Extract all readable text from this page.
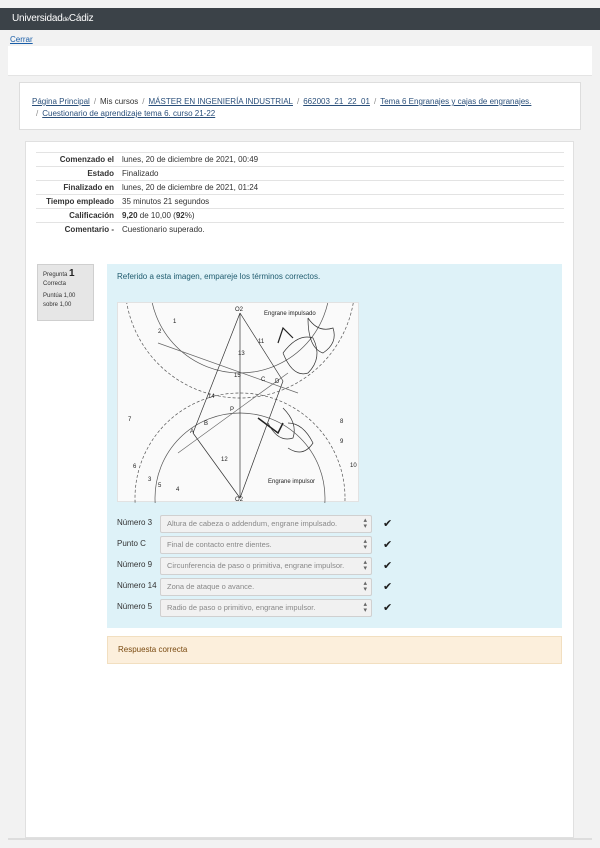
UniversidaddeCádiz
Cerrar
Página Principal / Mis cursos / MÁSTER EN INGENIERÍA INDUSTRIAL / 662003_21_22_01 / Tema 6 Engranajes y cajas de engranajes.
/ Cuestionario de aprendizaje tema 6. curso 21-22
Comenzado el	lunes, 20 de diciembre de 2021, 00:49
Estado	Finalizado
Finalizado en	lunes, 20 de diciembre de 2021, 01:24
Tiempo empleado	35 minutos 21 segundos
Calificación	9,20 de 10,00 (92%)
Comentario -	Cuestionario superado.
Pregunta 1
Correcta

Puntúa 1,00 sobre 1,00
Referido a esta imagen, empareje los términos correctos.
O2
O2
Engrane impulsado
Engrane impulsor
1
2
3
4
5
6
7	8
9
10
11
12
13
14
15
A
B
C D
P
Número 3	Altura de cabeza o addendum, engrane impulsado.	▴
▾ ✔
Punto C	Final de contacto entre dientes.	▴
▾ ✔
Número 9	Circunferencia de paso o primitiva, engrane impulsor.	▴
▾ ✔
Número 14	Zona de ataque o avance.	▴
▾ ✔
Número 5	Radio de paso o primitivo, engrane impulsor.	▴
▾ ✔
Respuesta correcta
